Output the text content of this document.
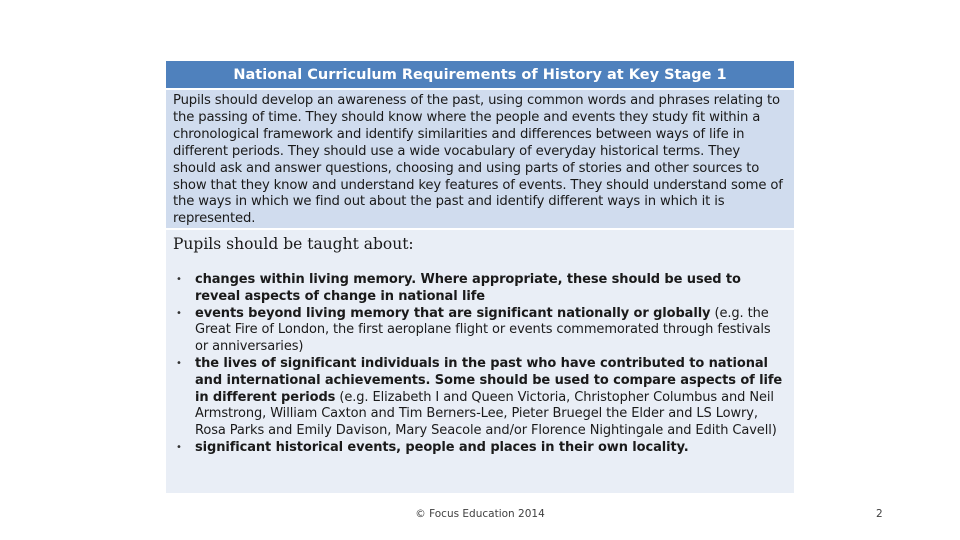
National Curriculum Requirements of History at Key Stage 1
Pupils should develop an awareness of the past, using common words and phrases relating to the passing of time. They should know where the people and events they study fit within a chronological framework and identify similarities and differences between ways of life in different periods. They should use a wide vocabulary of everyday historical terms. They should ask and answer questions, choosing and using parts of stories and other sources to show that they know and understand key features of events. They should understand some of the ways in which we find out about the past and identify different ways in which it is represented.
Pupils should be taught about:
• changes within living memory. Where appropriate, these should be used to reveal aspects of change in national life
• events beyond living memory that are significant nationally or globally (e.g. the Great Fire of London, the first aeroplane flight or events commemorated through festivals or anniversaries)
• the lives of significant individuals in the past who have contributed to national and international achievements. Some should be used to compare aspects of life in different periods (e.g. Elizabeth I and Queen Victoria, Christopher Columbus and Neil Armstrong, William Caxton and Tim Berners-Lee, Pieter Bruegel the Elder and LS Lowry, Rosa Parks and Emily Davison, Mary Seacole and/or Florence Nightingale and Edith Cavell)
• significant historical events, people and places in their own locality.
© Focus Education 2014	2
